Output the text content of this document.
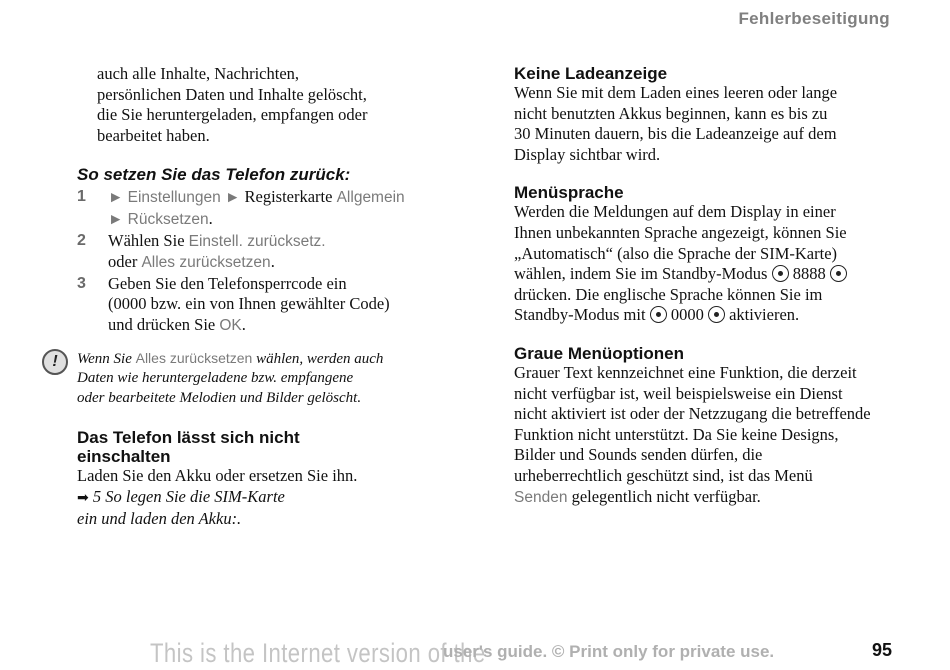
Fehlerbeseitigung

auch alle Inhalte, Nachrichten,

persönlichen Daten und Inhalte gelöscht,

die Sie heruntergeladen, empfangen oder

bearbeitet haben.

So setzen Sie das Telefon zurück:

1	► Einstellungen ► Registerkarte Allgemein
► Rücksetzen.
2	Wählen Sie Einstell. zurücksetz.
oder Alles zurücksetzen.
3	Geben Sie den Telefonsperrcode ein
(0000 bzw. ein von Ihnen gewählter Code)
und drücken Sie OK.
!	Wenn Sie Alles zurücksetzen wählen, werden auch
Daten wie heruntergeladene bzw. empfangene
oder bearbeitete Melodien und Bilder gelöscht.

Das Telefon lässt sich nicht

einschalten

Laden Sie den Akku oder ersetzen Sie ihn.

➡ 5 So legen Sie die SIM-Karte

ein und laden den Akku:.

Keine Ladeanzeige

Wenn Sie mit dem Laden eines leeren oder lange

nicht benutzten Akkus beginnen, kann es bis zu

30 Minuten dauern, bis die Ladeanzeige auf dem

Display sichtbar wird.

Menüsprache

Werden die Meldungen auf dem Display in einer

Ihnen unbekannten Sprache angezeigt, können Sie

„Automatisch“ (also die Sprache der SIM-Karte)

wählen, indem Sie im Standby-Modus  8888

drücken. Die englische Sprache können Sie im

Standby-Modus mit  0000  aktivieren.

Graue Menüoptionen

Grauer Text kennzeichnet eine Funktion, die derzeit

nicht verfügbar ist, weil beispielsweise ein Dienst

nicht aktiviert ist oder der Netzzugang die betreffende

Funktion nicht unterstützt. Da Sie keine Designs,

Bilder und Sounds senden dürfen, die

urheberrechtlich geschützt sind, ist das Menü

Senden gelegentlich nicht verfügbar.

This is the Internet version of the
user's guide. © Print only for private use.	95
